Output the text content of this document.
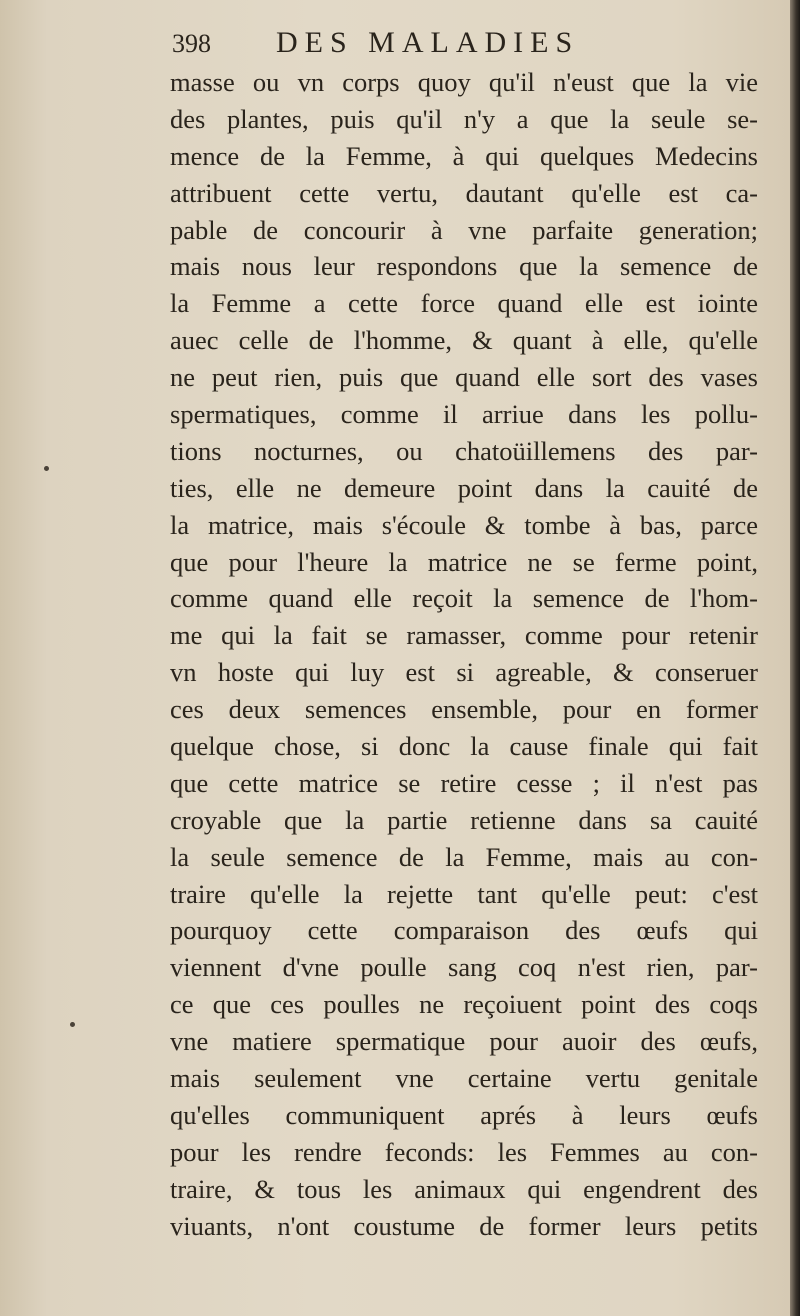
398	DES MALADIES
masse ou vn corps quoy qu'il n'eust que la vie
des plantes, puis qu'il n'y a que la seule se-
mence de la Femme, à qui quelques Medecins
attribuent cette vertu, dautant qu'elle est ca-
pable de concourir à vne parfaite generation;
mais nous leur respondons que la semence de
la Femme a cette force quand elle est iointe
auec celle de l'homme, & quant à elle, qu'elle
ne peut rien, puis que quand elle sort des vases
spermatiques, comme il arriue dans les pollu-
tions nocturnes, ou chatoüillemens des par-
ties, elle ne demeure point dans la cauité de
la matrice, mais s'écoule & tombe à bas, parce
que pour l'heure la matrice ne se ferme point,
comme quand elle reçoit la semence de l'hom-
me qui la fait se ramasser, comme pour retenir
vn hoste qui luy est si agreable, & conseruer
ces deux semences ensemble, pour en former
quelque chose, si donc la cause finale qui fait
que cette matrice se retire cesse ; il n'est pas
croyable que la partie retienne dans sa cauité
la seule semence de la Femme, mais au con-
traire qu'elle la rejette tant qu'elle peut: c'est
pourquoy cette comparaison des œufs qui
viennent d'vne poulle sang coq n'est rien, par-
ce que ces poulles ne reçoiuent point des coqs
vne matiere spermatique pour auoir des œufs,
mais seulement vne certaine vertu genitale
qu'elles communiquent aprés à leurs œufs
pour les rendre feconds: les Femmes au con-
traire, & tous les animaux qui engendrent des
viuants, n'ont coustume de former leurs petits
